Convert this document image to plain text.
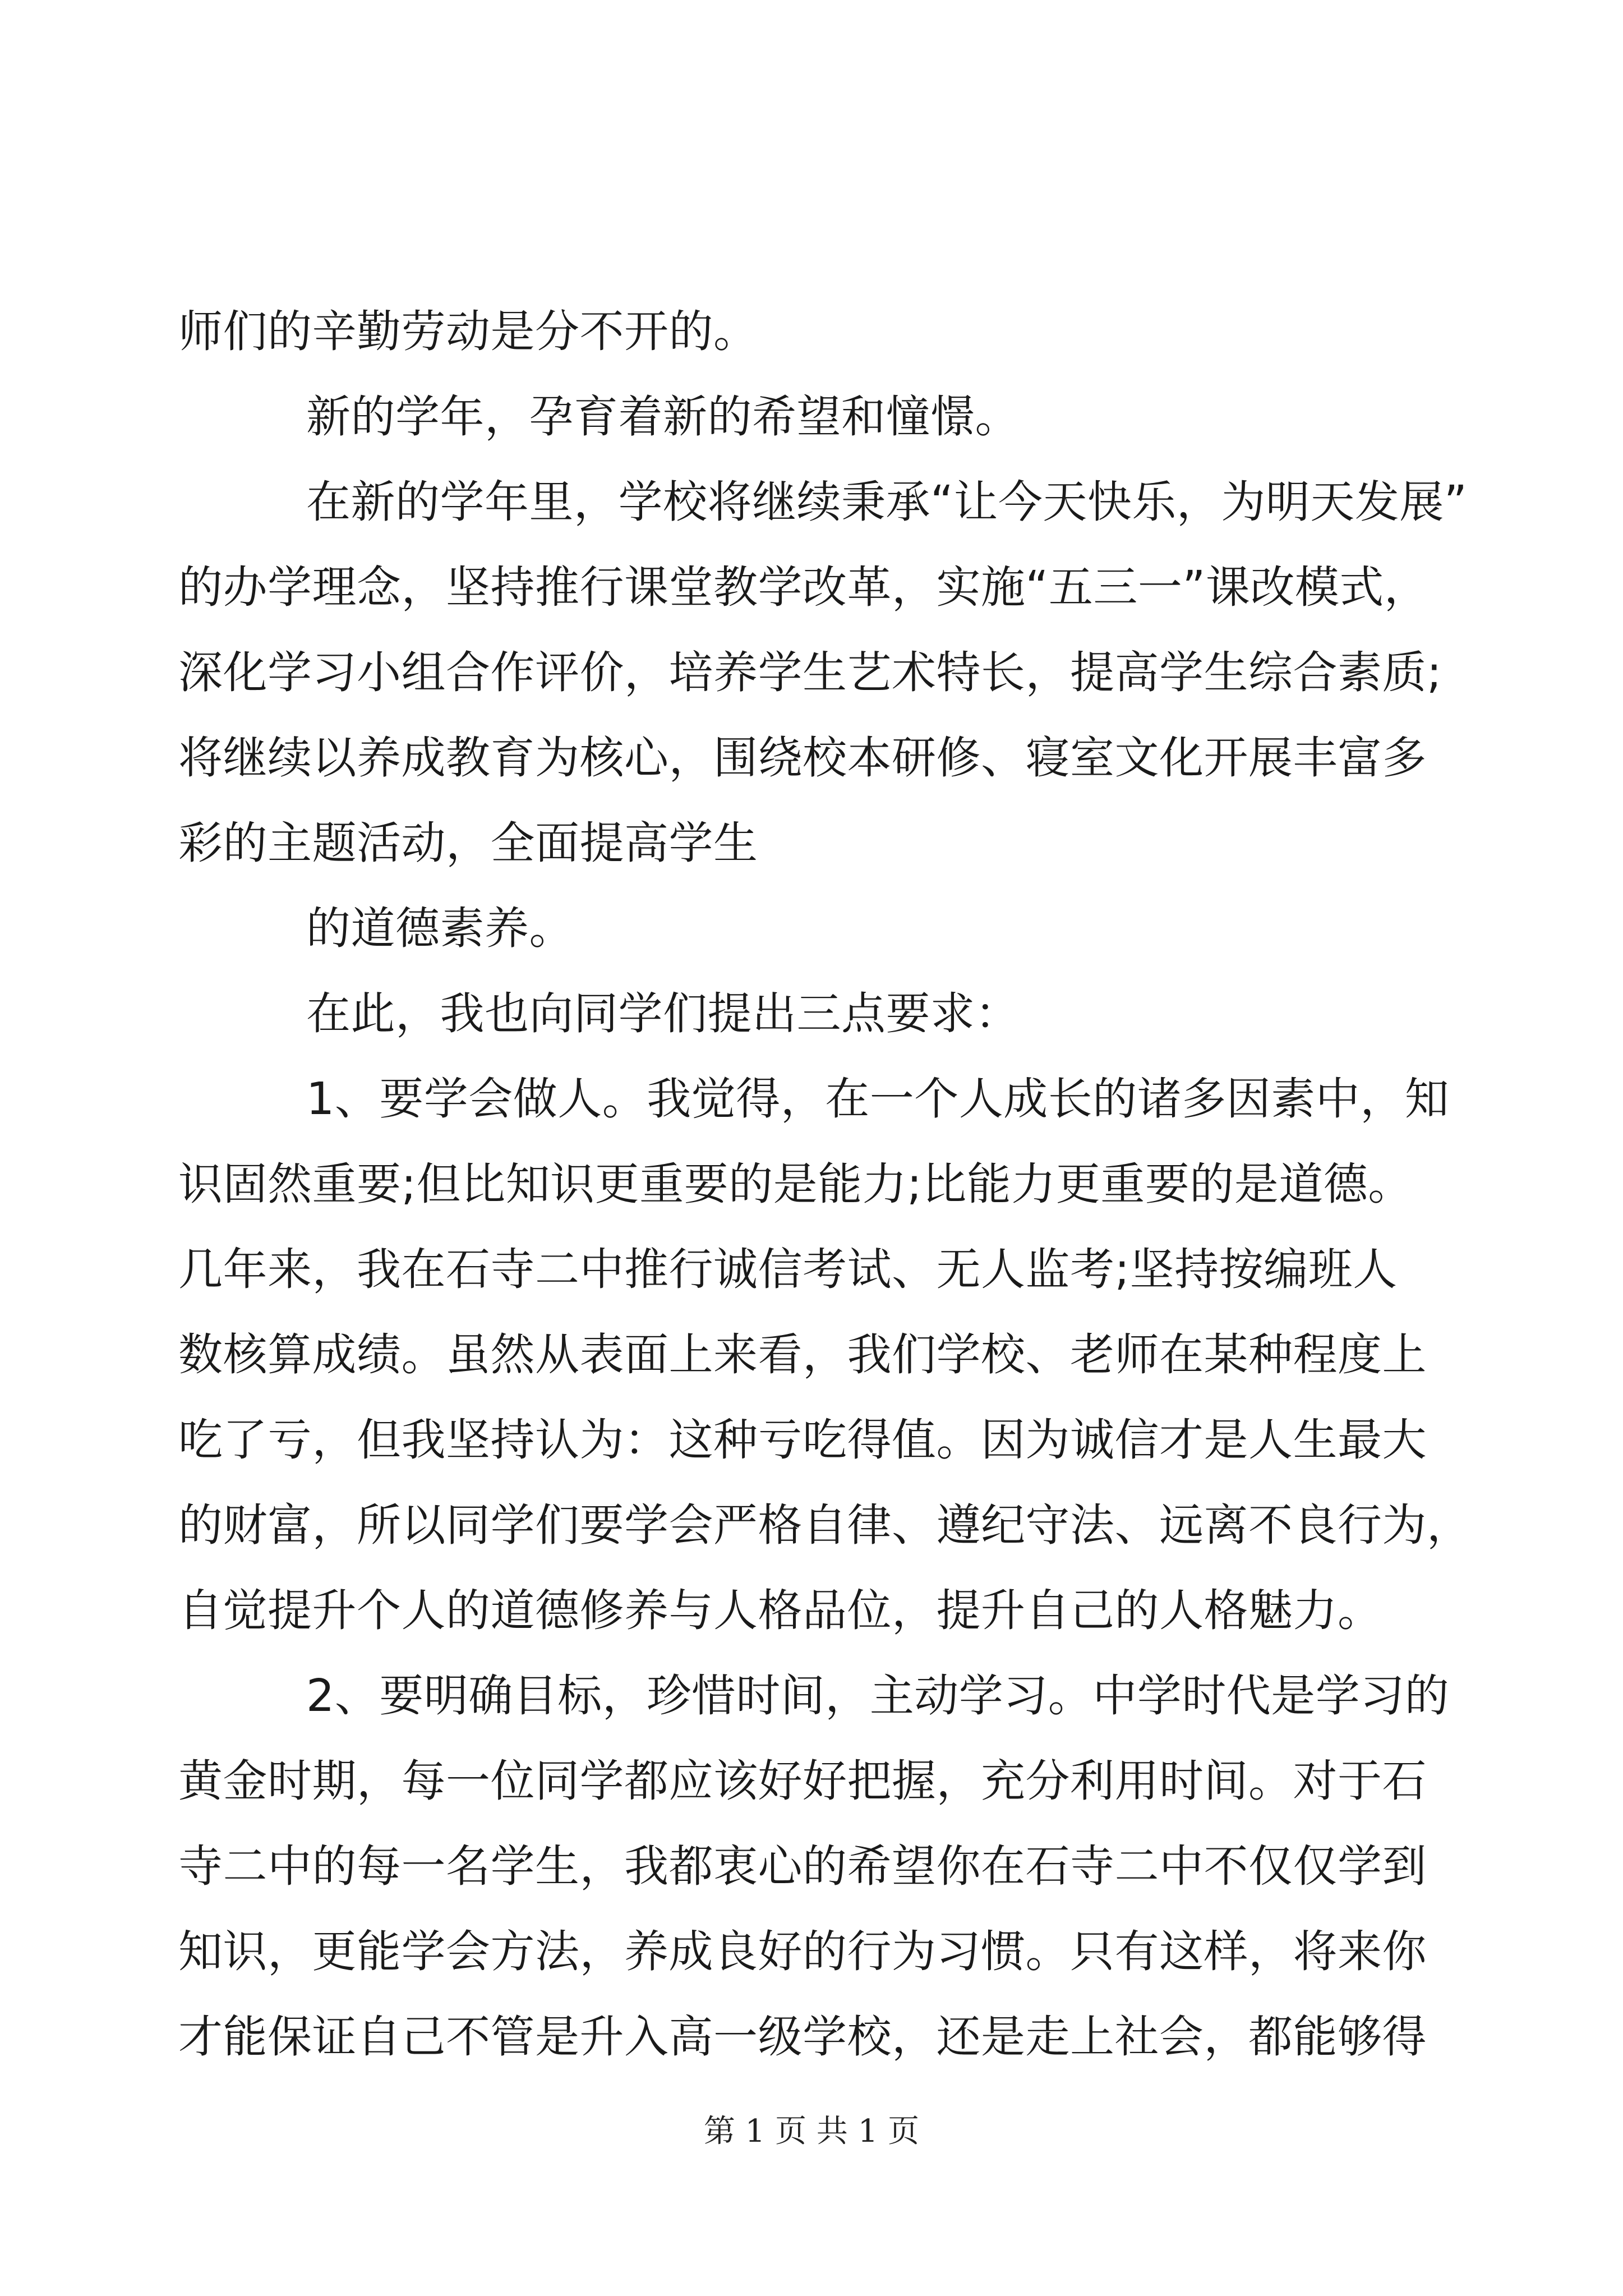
师们的辛勤劳动是分不开的。
新的学年，孕育着新的希望和憧憬。
在新的学年里，学校将继续秉承“让今天快乐，为明天发展”
的办学理念，坚持推行课堂教学改革，实施“五三一”课改模式，
深化学习小组合作评价，培养学生艺术特长，提高学生综合素质;
将继续以养成教育为核心，围绕校本研修、寝室文化开展丰富多
彩的主题活动，全面提高学生
的道德素养。
在此，我也向同学们提出三点要求：
1、要学会做人。我觉得，在一个人成长的诸多因素中，知
识固然重要;但比知识更重要的是能力;比能力更重要的是道德。
几年来，我在石寺二中推行诚信考试、无人监考;坚持按编班人
数核算成绩。虽然从表面上来看，我们学校、老师在某种程度上
吃了亏，但我坚持认为：这种亏吃得值。因为诚信才是人生最大
的财富，所以同学们要学会严格自律、遵纪守法、远离不良行为，
自觉提升个人的道德修养与人格品位，提升自己的人格魅力。
2、要明确目标，珍惜时间，主动学习。中学时代是学习的
黄金时期，每一位同学都应该好好把握，充分利用时间。对于石
寺二中的每一名学生，我都衷心的希望你在石寺二中不仅仅学到
知识，更能学会方法，养成良好的行为习惯。只有这样，将来你
才能保证自己不管是升入高一级学校，还是走上社会，都能够得
第 1 页 共 1 页
